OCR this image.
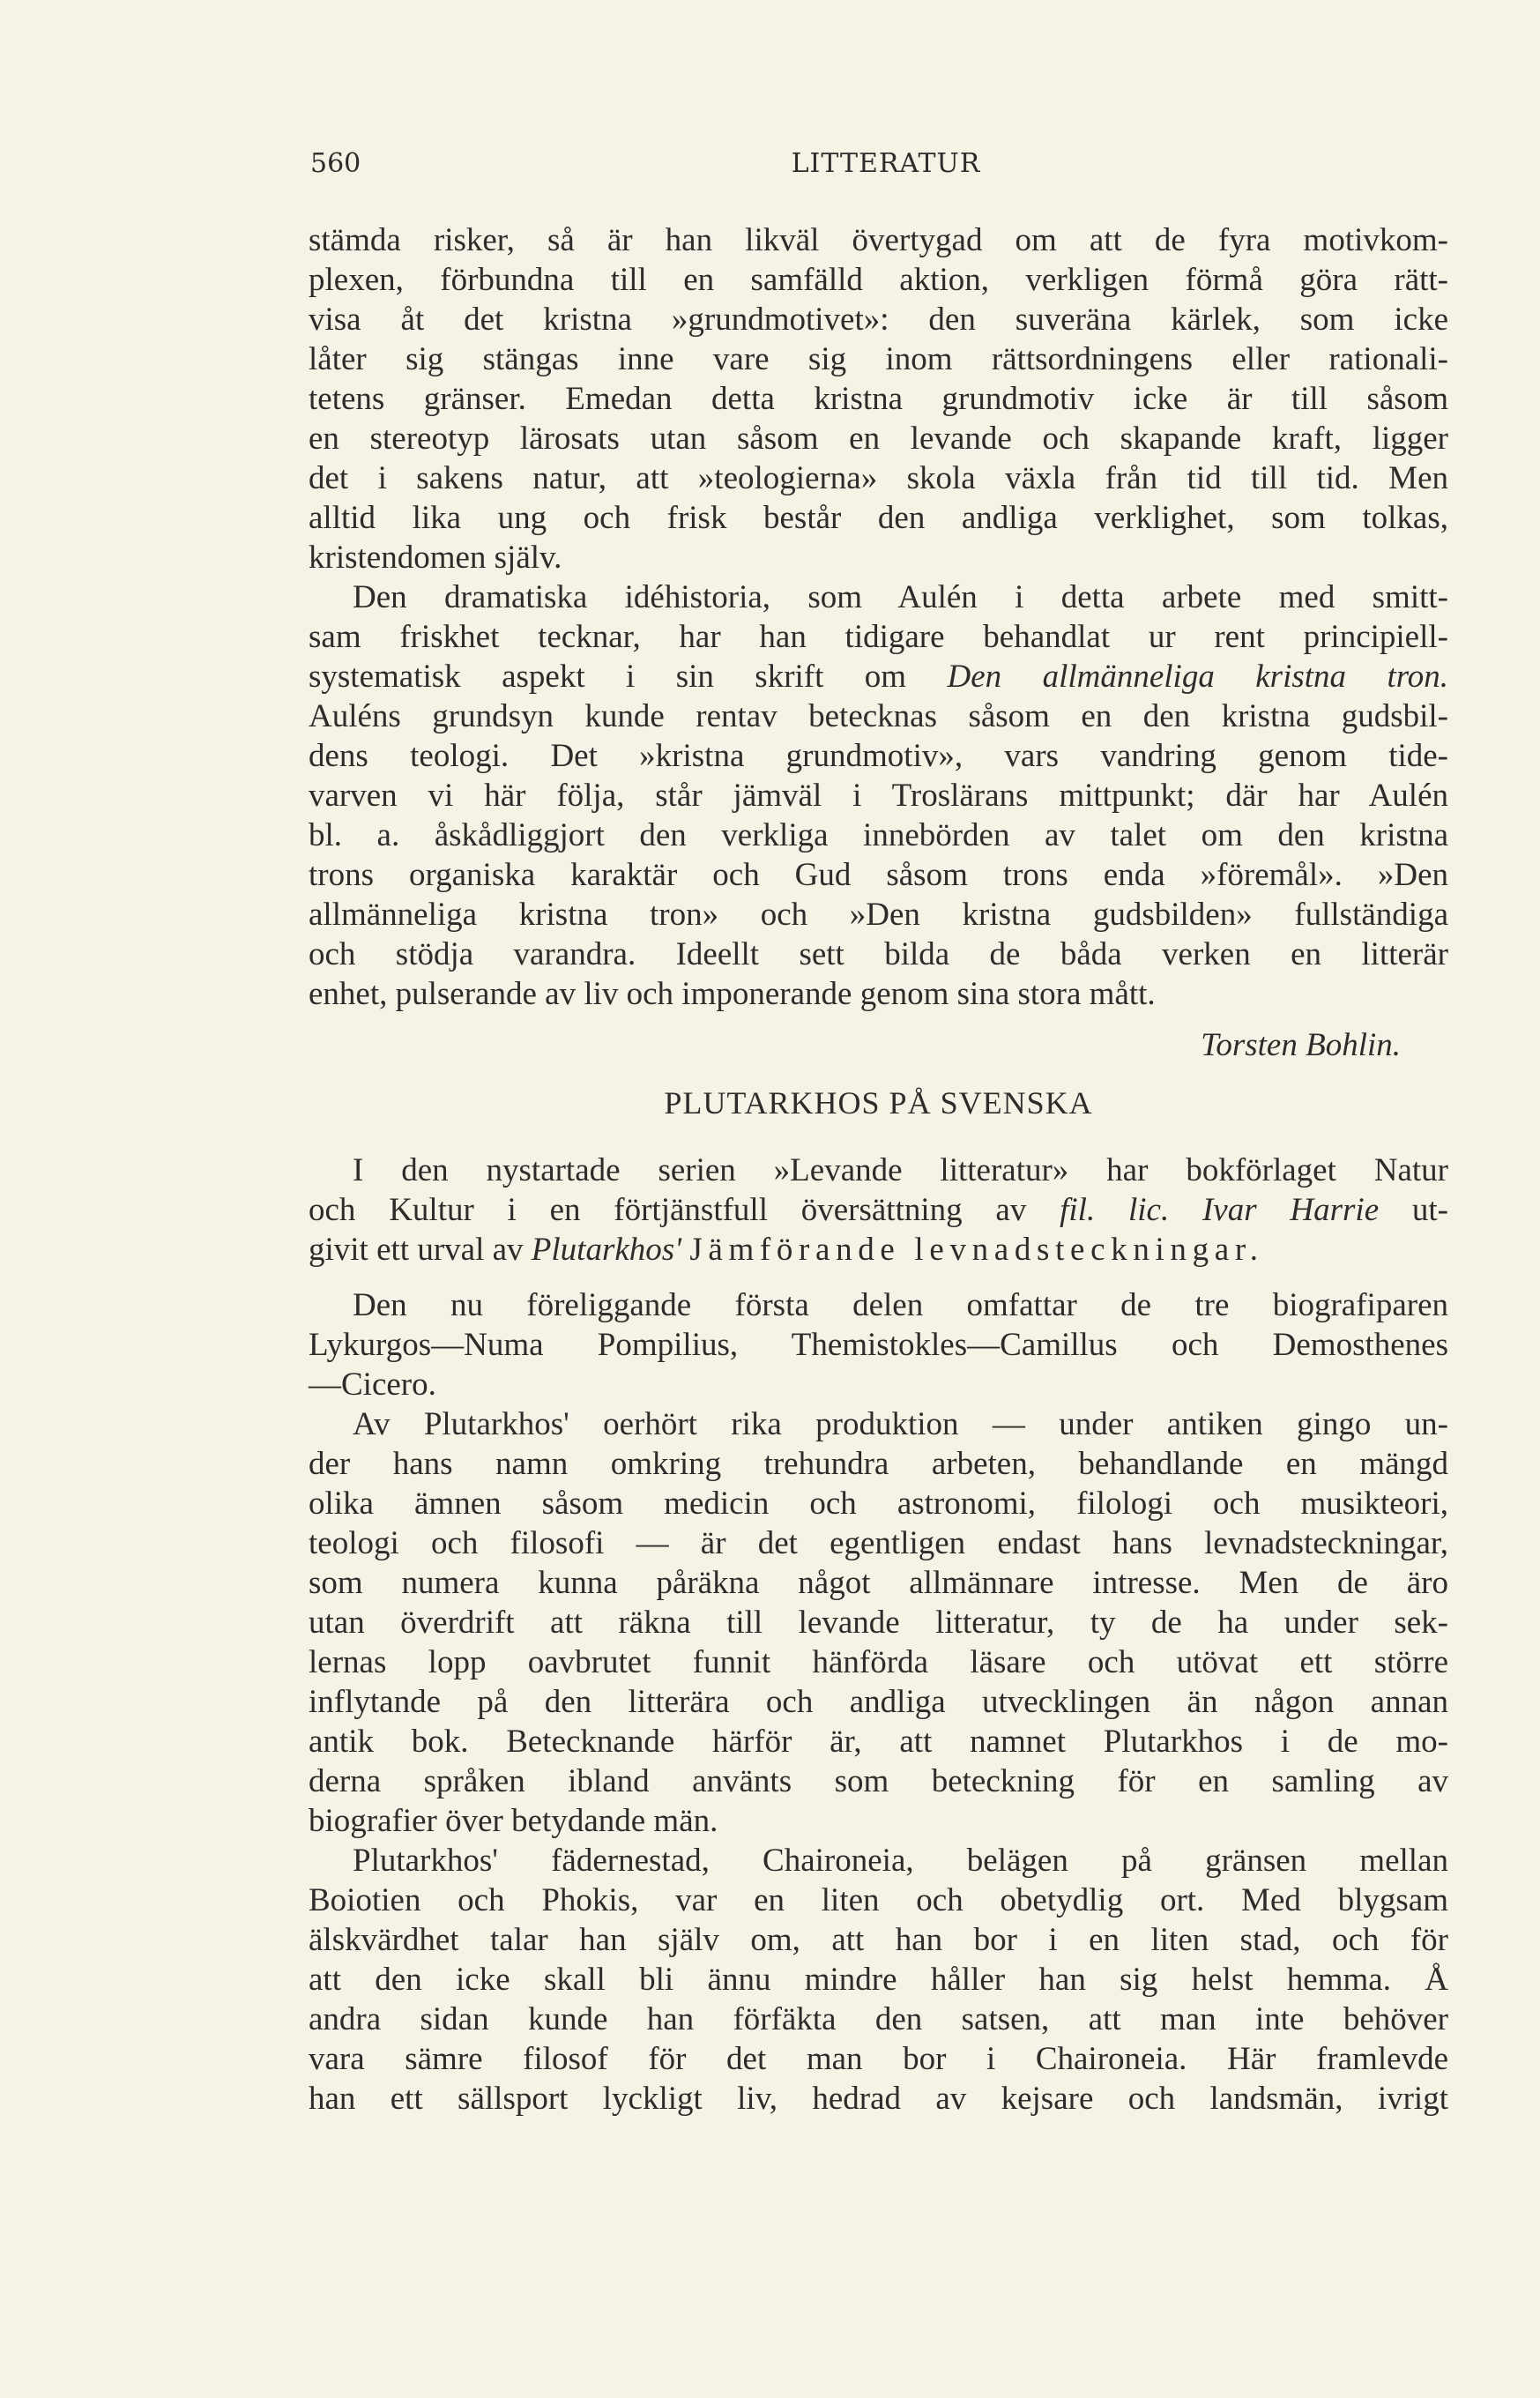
560	LITTERATUR
stämda risker, så är han likväl övertygad om att de fyra motivkom-
plexen, förbundna till en samfälld aktion, verkligen förmå göra rätt-
visa åt det kristna »grundmotivet»: den suveräna kärlek, som icke
låter sig stängas inne vare sig inom rättsordningens eller rationali-
tetens gränser. Emedan detta kristna grundmotiv icke är till såsom
en stereotyp lärosats utan såsom en levande och skapande kraft, ligger
det i sakens natur, att »teologierna» skola växla från tid till tid. Men
alltid lika ung och frisk består den andliga verklighet, som tolkas,
kristendomen själv.
Den dramatiska idéhistoria, som Aulén i detta arbete med smitt-
sam friskhet tecknar, har han tidigare behandlat ur rent principiell-
systematisk aspekt i sin skrift om Den allmänneliga kristna tron.
Auléns grundsyn kunde rentav betecknas såsom en den kristna gudsbil-
dens teologi. Det »kristna grundmotiv», vars vandring genom tide-
varven vi här följa, står jämväl i Troslärans mittpunkt; där har Aulén
bl. a. åskådliggjort den verkliga innebörden av talet om den kristna
trons organiska karaktär och Gud såsom trons enda »föremål». »Den
allmänneliga kristna tron» och »Den kristna gudsbilden» fullständiga
och stödja varandra. Ideellt sett bilda de båda verken en litterär
enhet, pulserande av liv och imponerande genom sina stora mått.
Torsten Bohlin.
PLUTARKHOS PÅ SVENSKA
I den nystartade serien »Levande litteratur» har bokförlaget Natur
och Kultur i en förtjänstfull översättning av fil. lic. Ivar Harrie ut-
givit ett urval av Plutarkhos' Jämförande levnadsteckningar.
Den nu föreliggande första delen omfattar de tre biografiparen
Lykurgos—Numa Pompilius, Themistokles—Camillus och Demosthenes
—Cicero.
Av Plutarkhos' oerhört rika produktion — under antiken gingo un-
der hans namn omkring trehundra arbeten, behandlande en mängd
olika ämnen såsom medicin och astronomi, filologi och musikteori,
teologi och filosofi — är det egentligen endast hans levnadsteckningar,
som numera kunna påräkna något allmännare intresse. Men de äro
utan överdrift att räkna till levande litteratur, ty de ha under sek-
lernas lopp oavbrutet funnit hänförda läsare och utövat ett större
inflytande på den litterära och andliga utvecklingen än någon annan
antik bok. Betecknande härför är, att namnet Plutarkhos i de mo-
derna språken ibland använts som beteckning för en samling av
biografier över betydande män.
Plutarkhos' fädernestad, Chaironeia, belägen på gränsen mellan
Boiotien och Phokis, var en liten och obetydlig ort. Med blygsam
älskvärdhet talar han själv om, att han bor i en liten stad, och för
att den icke skall bli ännu mindre håller han sig helst hemma. Å
andra sidan kunde han förfäkta den satsen, att man inte behöver
vara sämre filosof för det man bor i Chaironeia. Här framlevde
han ett sällsport lyckligt liv, hedrad av kejsare och landsmän, ivrigt
